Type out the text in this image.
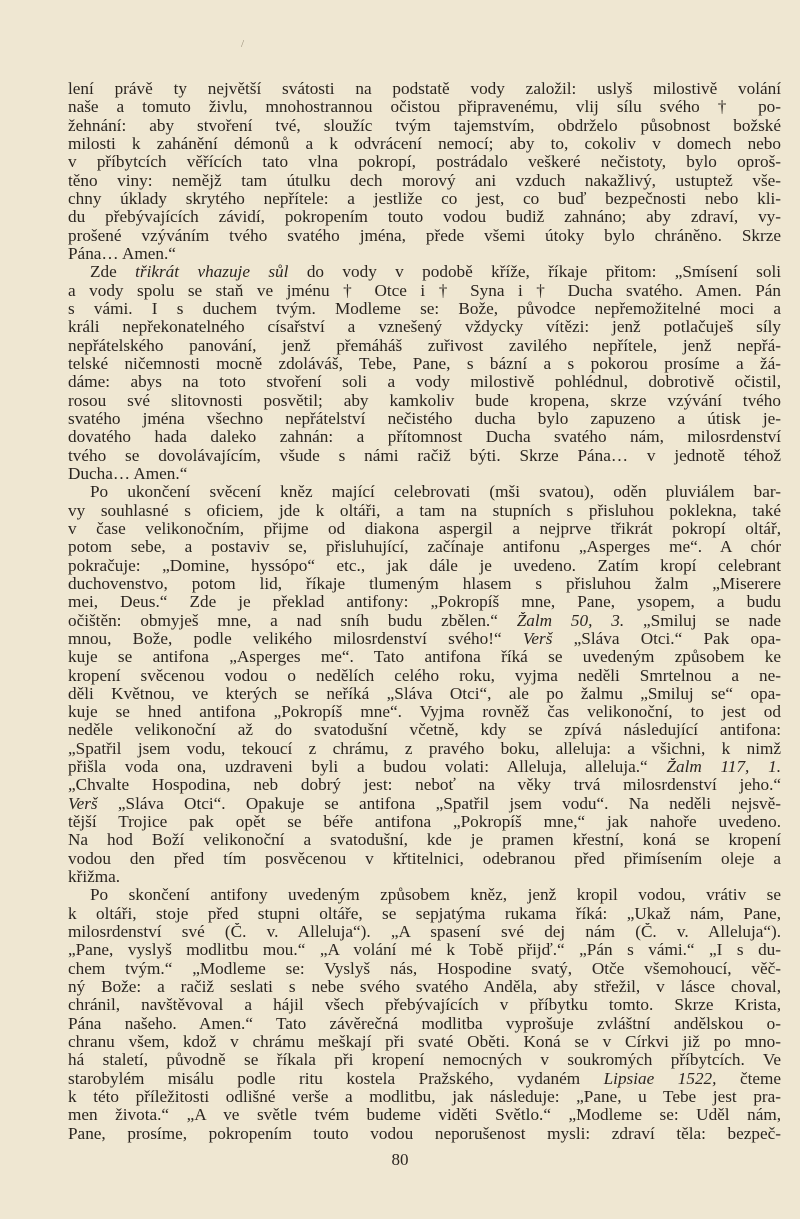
/
lení právě ty největší svátosti na podstatě vody založil: uslyš milostivě volání
naše a tomuto živlu, mnohostrannou očistou připravenému, vlij sílu svého † po-
žehnání: aby stvoření tvé, sloužíc tvým tajemstvím, obdrželo působnost božské
milosti k zahánění démonů a k odvrácení nemocí; aby to, cokoliv v domech nebo
v příbytcích věřících tato vlna pokropí, postrádalo veškeré nečistoty, bylo oproš-
těno viny: nemějž tam útulku dech morový ani vzduch nakažlivý, ustuptež vše-
chny úklady skrytého nepřítele: a jestliže co jest, co buď bezpečnosti nebo kli-
du přebývajících závidí, pokropením touto vodou budiž zahnáno; aby zdraví, vy-
prošené vzýváním tvého svatého jména, přede všemi útoky bylo chráněno. Skrze
Pána… Amen.“
Zde třikrát vhazuje sůl do vody v podobě kříže, říkaje přitom: „Smísení soli
a vody spolu se staň ve jménu † Otce i † Syna i † Ducha svatého. Amen. Pán
s vámi. I s duchem tvým. Modleme se: Bože, původce nepřemožitelné moci a
králi nepřekonatelného císařství a vznešený vždycky vítězi: jenž potlačuješ síly
nepřátelského panování, jenž přemáháš zuřivost zavilého nepřítele, jenž nepřá-
telské ničemnosti mocně zdoláváš, Tebe, Pane, s bázní a s pokorou prosíme a žá-
dáme: abys na toto stvoření soli a vody milostivě pohlédnul, dobrotivě očistil,
rosou své slitovnosti posvětil; aby kamkoliv bude kropena, skrze vzývání tvého
svatého jména všechno nepřátelství nečistého ducha bylo zapuzeno a útisk je-
dovatého hada daleko zahnán: a přítomnost Ducha svatého nám, milosrdenství
tvého se dovolávajícím, všude s námi račiž býti. Skrze Pána… v jednotě téhož
Ducha… Amen.“
Po ukončení svěcení kněz mající celebrovati (mši svatou), oděn pluviálem bar-
vy souhlasné s oficiem, jde k oltáři, a tam na stupních s přisluhou poklekna, také
v čase velikonočním, přijme od diakona aspergil a nejprve třikrát pokropí oltář,
potom sebe, a postaviv se, přisluhující, začínaje antifonu „Asperges me“. A chór
pokračuje: „Domine, hyssópo“ etc., jak dále je uvedeno. Zatím kropí celebrant
duchovenstvo, potom lid, říkaje tlumeným hlasem s přisluhou žalm „Miserere
mei, Deus.“ Zde je překlad antifony: „Pokropíš mne, Pane, ysopem, a budu
očištěn: obmyješ mne, a nad sníh budu zbělen.“ Žalm 50, 3. „Smiluj se nade
mnou, Bože, podle velikého milosrdenství svého!“ Verš „Sláva Otci.“ Pak opa-
kuje se antifona „Asperges me“. Tato antifona říká se uvedeným způsobem ke
kropení svěcenou vodou o nedělích celého roku, vyjma neděli Smrtelnou a ne-
děli Květnou, ve kterých se neříká „Sláva Otci“, ale po žalmu „Smiluj se“ opa-
kuje se hned antifona „Pokropíš mne“. Vyjma rovněž čas velikonoční, to jest od
neděle velikonoční až do svatodušní včetně, kdy se zpívá následující antifona:
„Spatřil jsem vodu, tekoucí z chrámu, z pravého boku, alleluja: a všichni, k nimž
přišla voda ona, uzdraveni byli a budou volati: Alleluja, alleluja.“ Žalm 117, 1.
„Chvalte Hospodina, neb dobrý jest: neboť na věky trvá milosrdenství jeho.“
Verš „Sláva Otci“. Opakuje se antifona „Spatřil jsem vodu“. Na neděli nejsvě-
tější Trojice pak opět se béře antifona „Pokropíš mne,“ jak nahoře uvedeno.
Na hod Boží velikonoční a svatodušní, kde je pramen křestní, koná se kropení
vodou den před tím posvěcenou v křtitelnici, odebranou před přimísením oleje a
křižma.
Po skončení antifony uvedeným způsobem kněz, jenž kropil vodou, vrátiv se
k oltáři, stoje před stupni oltáře, se sepjatýma rukama říká: „Ukaž nám, Pane,
milosrdenství své (Č. v. Alleluja“). „A spasení své dej nám (Č. v. Alleluja“).
„Pane, vyslyš modlitbu mou.“ „A volání mé k Tobě přijď.“ „Pán s vámi.“ „I s du-
chem tvým.“ „Modleme se: Vyslyš nás, Hospodine svatý, Otče všemohoucí, věč-
ný Bože: a račiž seslati s nebe svého svatého Anděla, aby střežil, v lásce choval,
chránil, navštěvoval a hájil všech přebývajících v příbytku tomto. Skrze Krista,
Pána našeho. Amen.“ Tato závěrečná modlitba vyprošuje zvláštní andělskou o-
chranu všem, kdož v chrámu meškají při svaté Oběti. Koná se v Církvi již po mno-
há staletí, původně se říkala při kropení nemocných v soukromých příbytcích. Ve
starobylém misálu podle ritu kostela Pražského, vydaném Lipsiae 1522, čteme
k této příležitosti odlišné verše a modlitbu, jak následuje: „Pane, u Tebe jest pra-
men života.“ „A ve světle tvém budeme viděti Světlo.“ „Modleme se: Uděl nám,
Pane, prosíme, pokropením touto vodou neporušenost mysli: zdraví těla: bezpeč-
80
